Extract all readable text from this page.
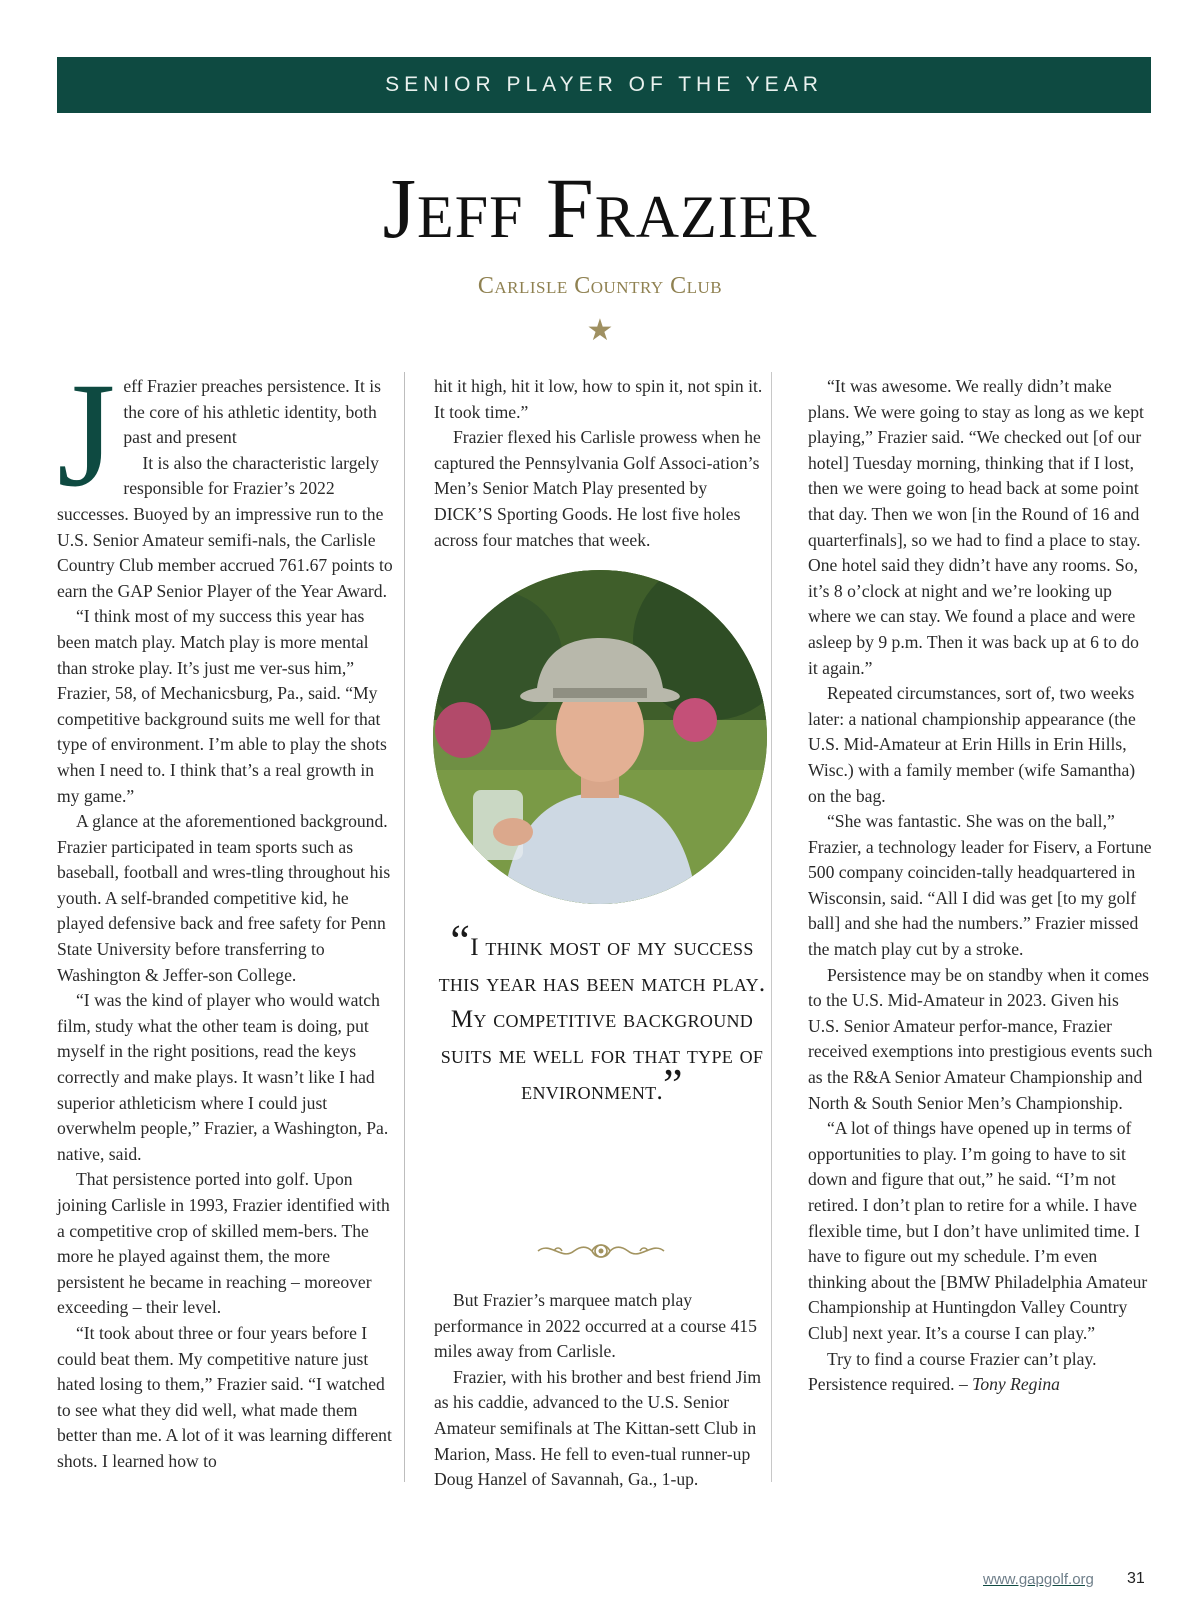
SENIOR PLAYER OF THE YEAR
Jeff Frazier
Carlisle Country Club
★
J eff Frazier preaches persistence. It is the core of his athletic identity, both past and present

It is also the characteristic largely responsible for Frazier’s 2022 successes. Buoyed by an impressive run to the U.S. Senior Amateur semifi-nals, the Carlisle Country Club member accrued 761.67 points to earn the GAP Senior Player of the Year Award.

“I think most of my success this year has been match play. Match play is more mental than stroke play. It’s just me ver-sus him,” Frazier, 58, of Mechanicsburg, Pa., said. “My competitive background suits me well for that type of environment. I’m able to play the shots when I need to. I think that’s a real growth in my game.”

A glance at the aforementioned background. Frazier participated in team sports such as baseball, football and wres-tling throughout his youth. A self-branded competitive kid, he played defensive back and free safety for Penn State University before transferring to Washington & Jeffer-son College.

“I was the kind of player who would watch film, study what the other team is doing, put myself in the right positions, read the keys correctly and make plays. It wasn’t like I had superior athleticism where I could just overwhelm people,” Frazier, a Washington, Pa. native, said.

That persistence ported into golf. Upon joining Carlisle in 1993, Frazier identified with a competitive crop of skilled mem-bers. The more he played against them, the more persistent he became in reaching – moreover exceeding – their level.

“It took about three or four years before I could beat them. My competitive nature just hated losing to them,” Frazier said. “I watched to see what they did well, what made them better than me. A lot of it was learning different shots. I learned how to

hit it high, hit it low, how to spin it, not spin it. It took time.”

Frazier flexed his Carlisle prowess when he captured the Pennsylvania Golf Associ-ation’s Men’s Senior Match Play presented by DICK’S Sporting Goods. He lost five holes across four matches that week.

“I think most of my success this year has been match play. My competitive background suits me well for that type of environment.”

But Frazier’s marquee match play performance in 2022 occurred at a course 415 miles away from Carlisle.

Frazier, with his brother and best friend Jim as his caddie, advanced to the U.S. Senior Amateur semifinals at The Kittan-sett Club in Marion, Mass. He fell to even-tual runner-up Doug Hanzel of Savannah, Ga., 1-up.

“It was awesome. We really didn’t make plans. We were going to stay as long as we kept playing,” Frazier said. “We checked out [of our hotel] Tuesday morning, thinking that if I lost, then we were going to head back at some point that day. Then we won [in the Round of 16 and quarterfinals], so we had to find a place to stay. One hotel said they didn’t have any rooms. So, it’s 8 o’clock at night and we’re looking up where we can stay. We found a place and were asleep by 9 p.m. Then it was back up at 6 to do it again.”

Repeated circumstances, sort of, two weeks later: a national championship appearance (the U.S. Mid-Amateur at Erin Hills in Erin Hills, Wisc.) with a family member (wife Samantha) on the bag.

“She was fantastic. She was on the ball,” Frazier, a technology leader for Fiserv, a Fortune 500 company coinciden-tally headquartered in Wisconsin, said. “All I did was get [to my golf ball] and she had the numbers.” Frazier missed the match play cut by a stroke.

Persistence may be on standby when it comes to the U.S. Mid-Amateur in 2023. Given his U.S. Senior Amateur perfor-mance, Frazier received exemptions into prestigious events such as the R&A Senior Amateur Championship and North & South Senior Men’s Championship.

“A lot of things have opened up in terms of opportunities to play. I’m going to have to sit down and figure that out,” he said. “I’m not retired. I don’t plan to retire for a while. I have flexible time, but I don’t have unlimited time. I have to figure out my schedule. I’m even thinking about the [BMW Philadelphia Amateur Championship at Huntingdon Valley Country Club] next year. It’s a course I can play.”

Try to find a course Frazier can’t play. Persistence required. – Tony Regina

www.gapgolf.org 31
